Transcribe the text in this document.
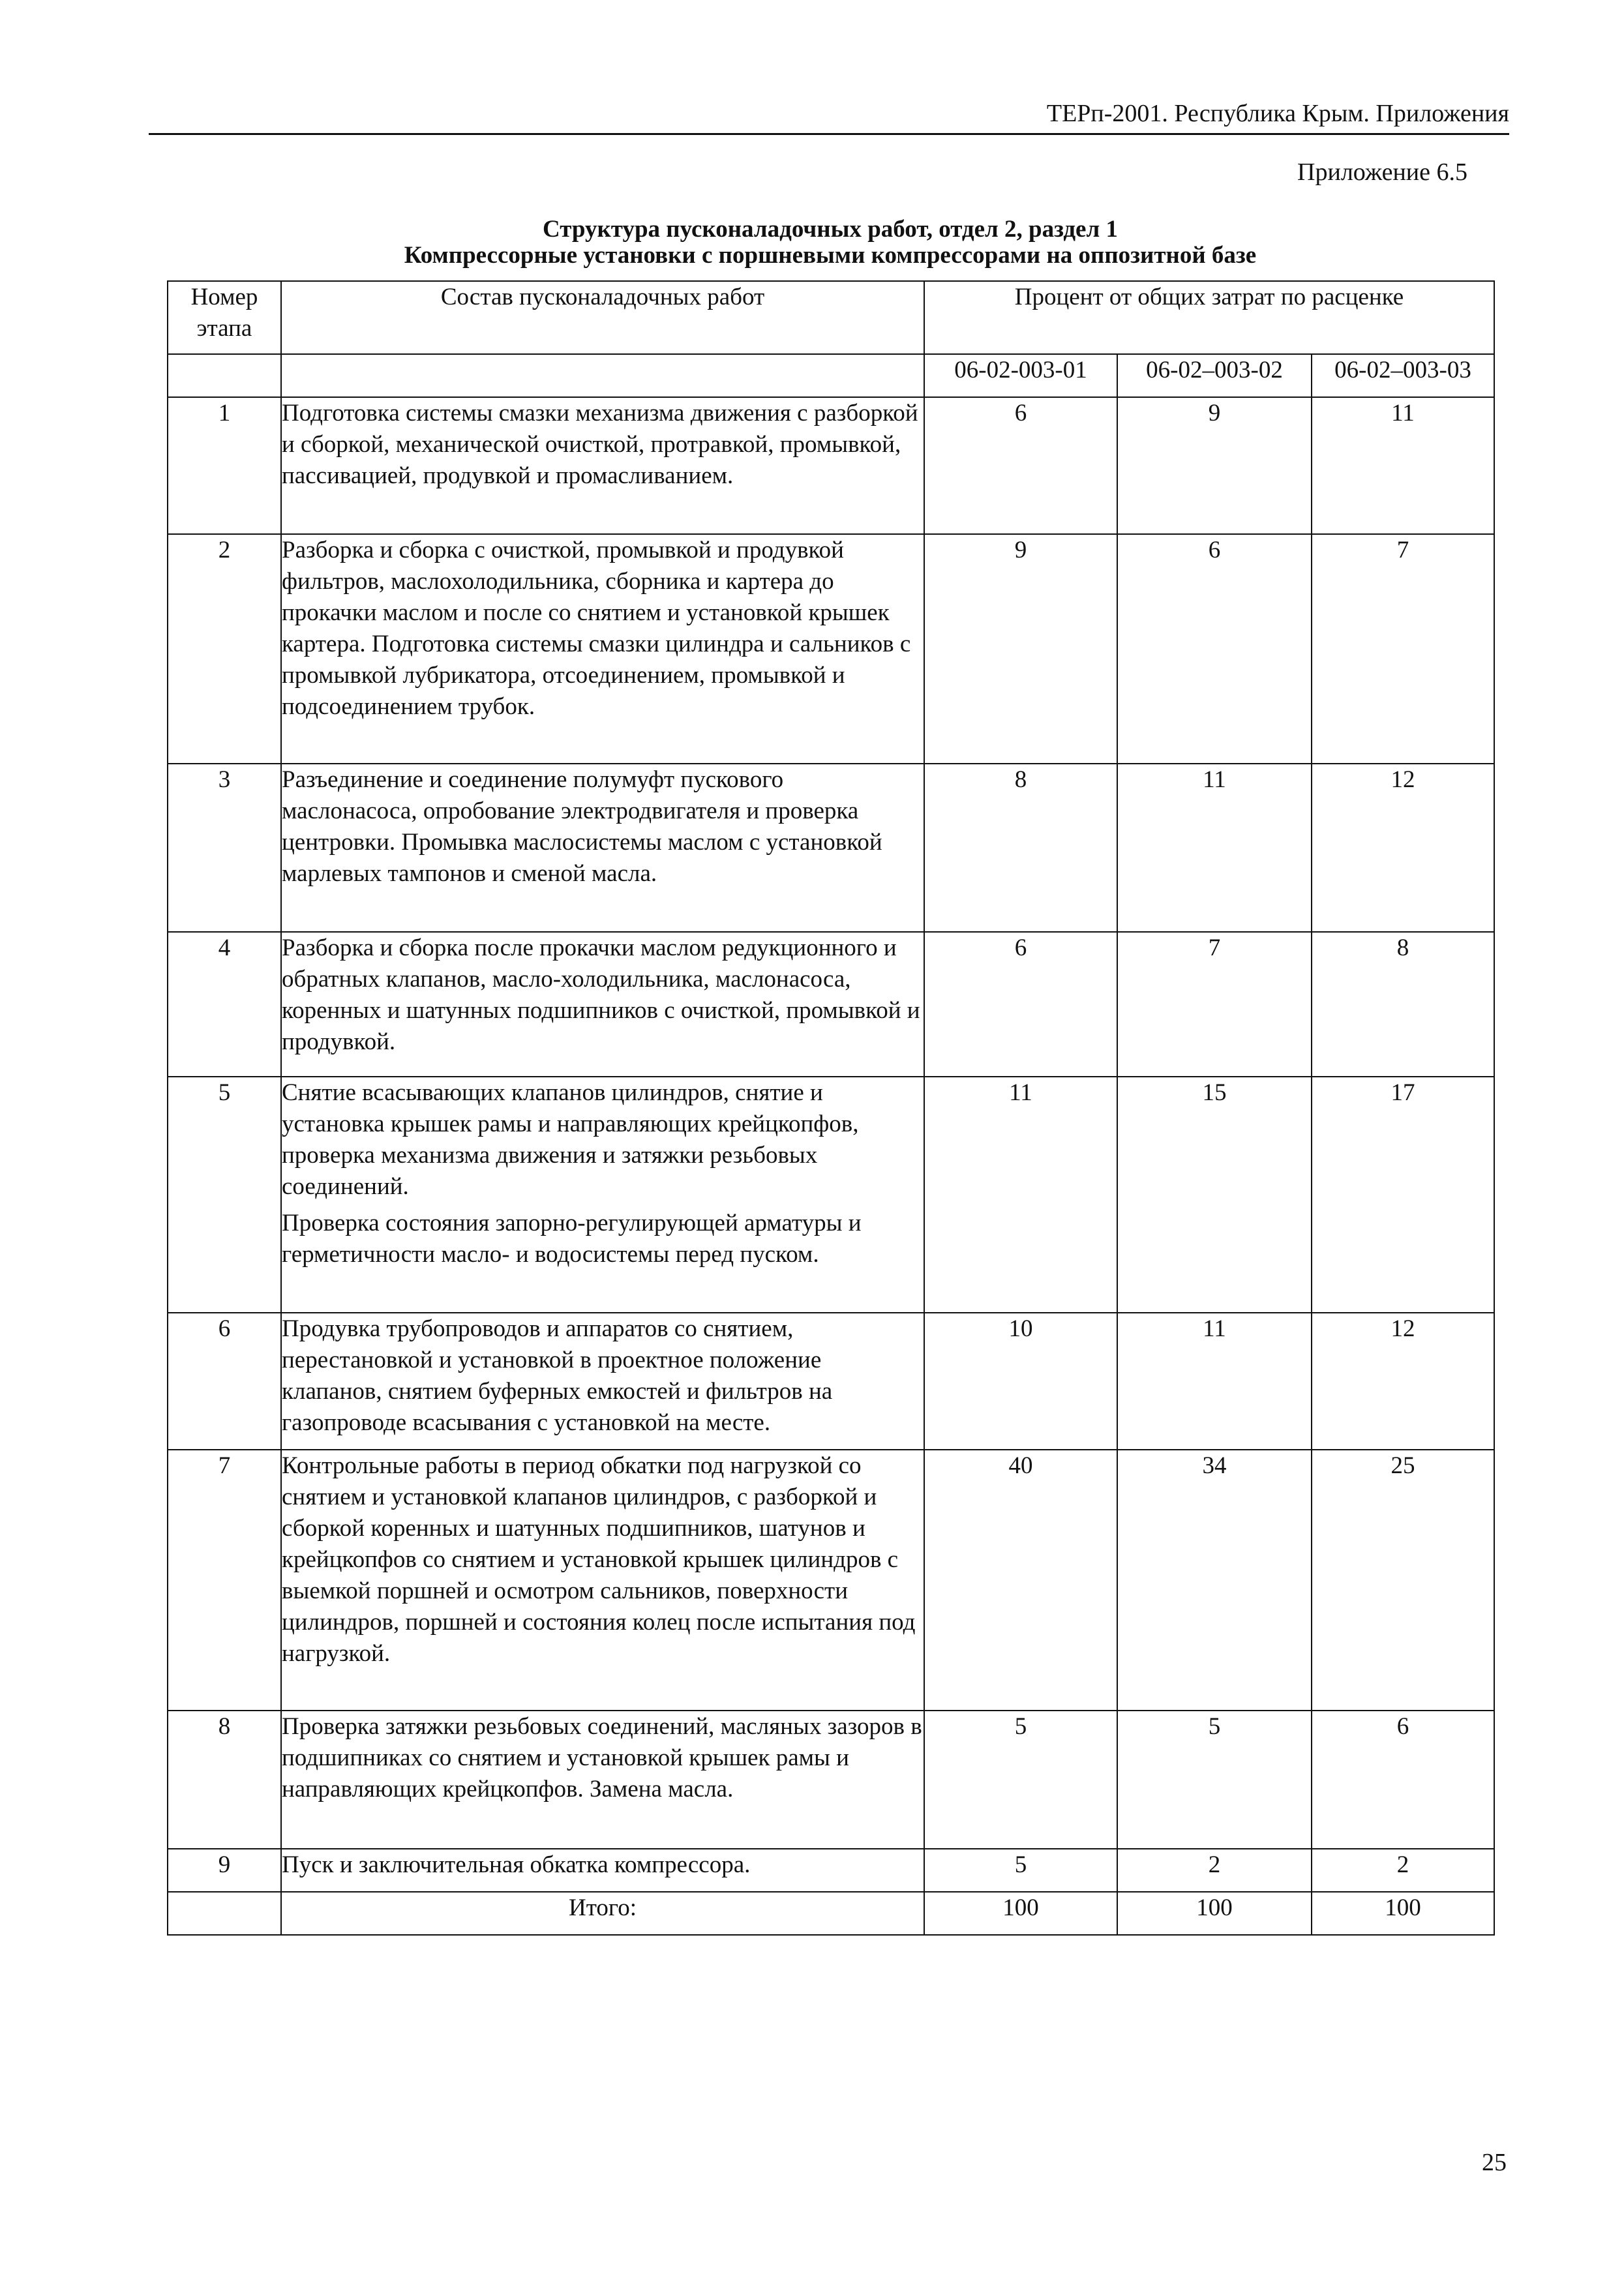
ТЕРп-2001. Республика Крым. Приложения
Приложение 6.5
Структура пусконаладочных работ, отдел 2, раздел 1
Компрессорные установки с поршневыми компрессорами на оппозитной базе
Номер этапа	Состав пусконаладочных работ	Процент от общих затрат по расценке		
		06-02-003-01	06-02–003-02	06-02–003-03
1	Подготовка системы смазки механизма движения с разборкой и сборкой, механической очисткой, протравкой, промывкой, пассивацией, продувкой и промасливанием.	6	9	11
2	Разборка и сборка с очисткой, промывкой и продувкой фильтров, маслохолодильника, сборника и картера до прокачки маслом и после со снятием и установкой крышек картера. Подготовка системы смазки цилиндра и сальников с промывкой лубрикатора, отсоединением, промывкой и подсоединением трубок.	9	6	7
3	Разъединение и соединение полумуфт пускового маслонасоса, опробование электродвигателя и проверка центровки. Промывка маслосистемы маслом с установкой марлевых тампонов и сменой масла.	8	11	12
4	Разборка и сборка после прокачки маслом редукционного и обратных клапанов, масло-холодильника, маслонасоса, коренных и шатунных подшипников с очисткой, промывкой и продувкой.	6	7	8
5	Снятие всасывающих клапанов цилиндров, снятие и установка крышек рамы и направляющих крейцкопфов, проверка механизма движения и затяжки резьбовых соединений.
Проверка состояния запорно-регулирующей арматуры и герметичности масло- и водосистемы перед пуском.	11	15	17
6	Продувка трубопроводов и аппаратов со снятием, перестановкой и установкой в проектное положение клапанов, снятием буферных емкостей и фильтров на газопроводе всасывания с установкой на месте.	10	11	12
7	Контрольные работы в период обкатки под нагрузкой со снятием и установкой клапанов цилиндров, с разборкой и сборкой коренных и шатунных подшипников, шатунов и крейцкопфов со снятием и установкой крышек цилиндров с выемкой поршней и осмотром сальников, поверхности цилиндров, поршней и состояния колец после испытания под нагрузкой.	40	34	25
8	Проверка затяжки резьбовых соединений, масляных зазоров в подшипниках со снятием и установкой крышек рамы и направляющих крейцкопфов. Замена масла.	5	5	6
9	Пуск и заключительная обкатка компрессора.	5	2	2
	Итого:	100	100	100
25
